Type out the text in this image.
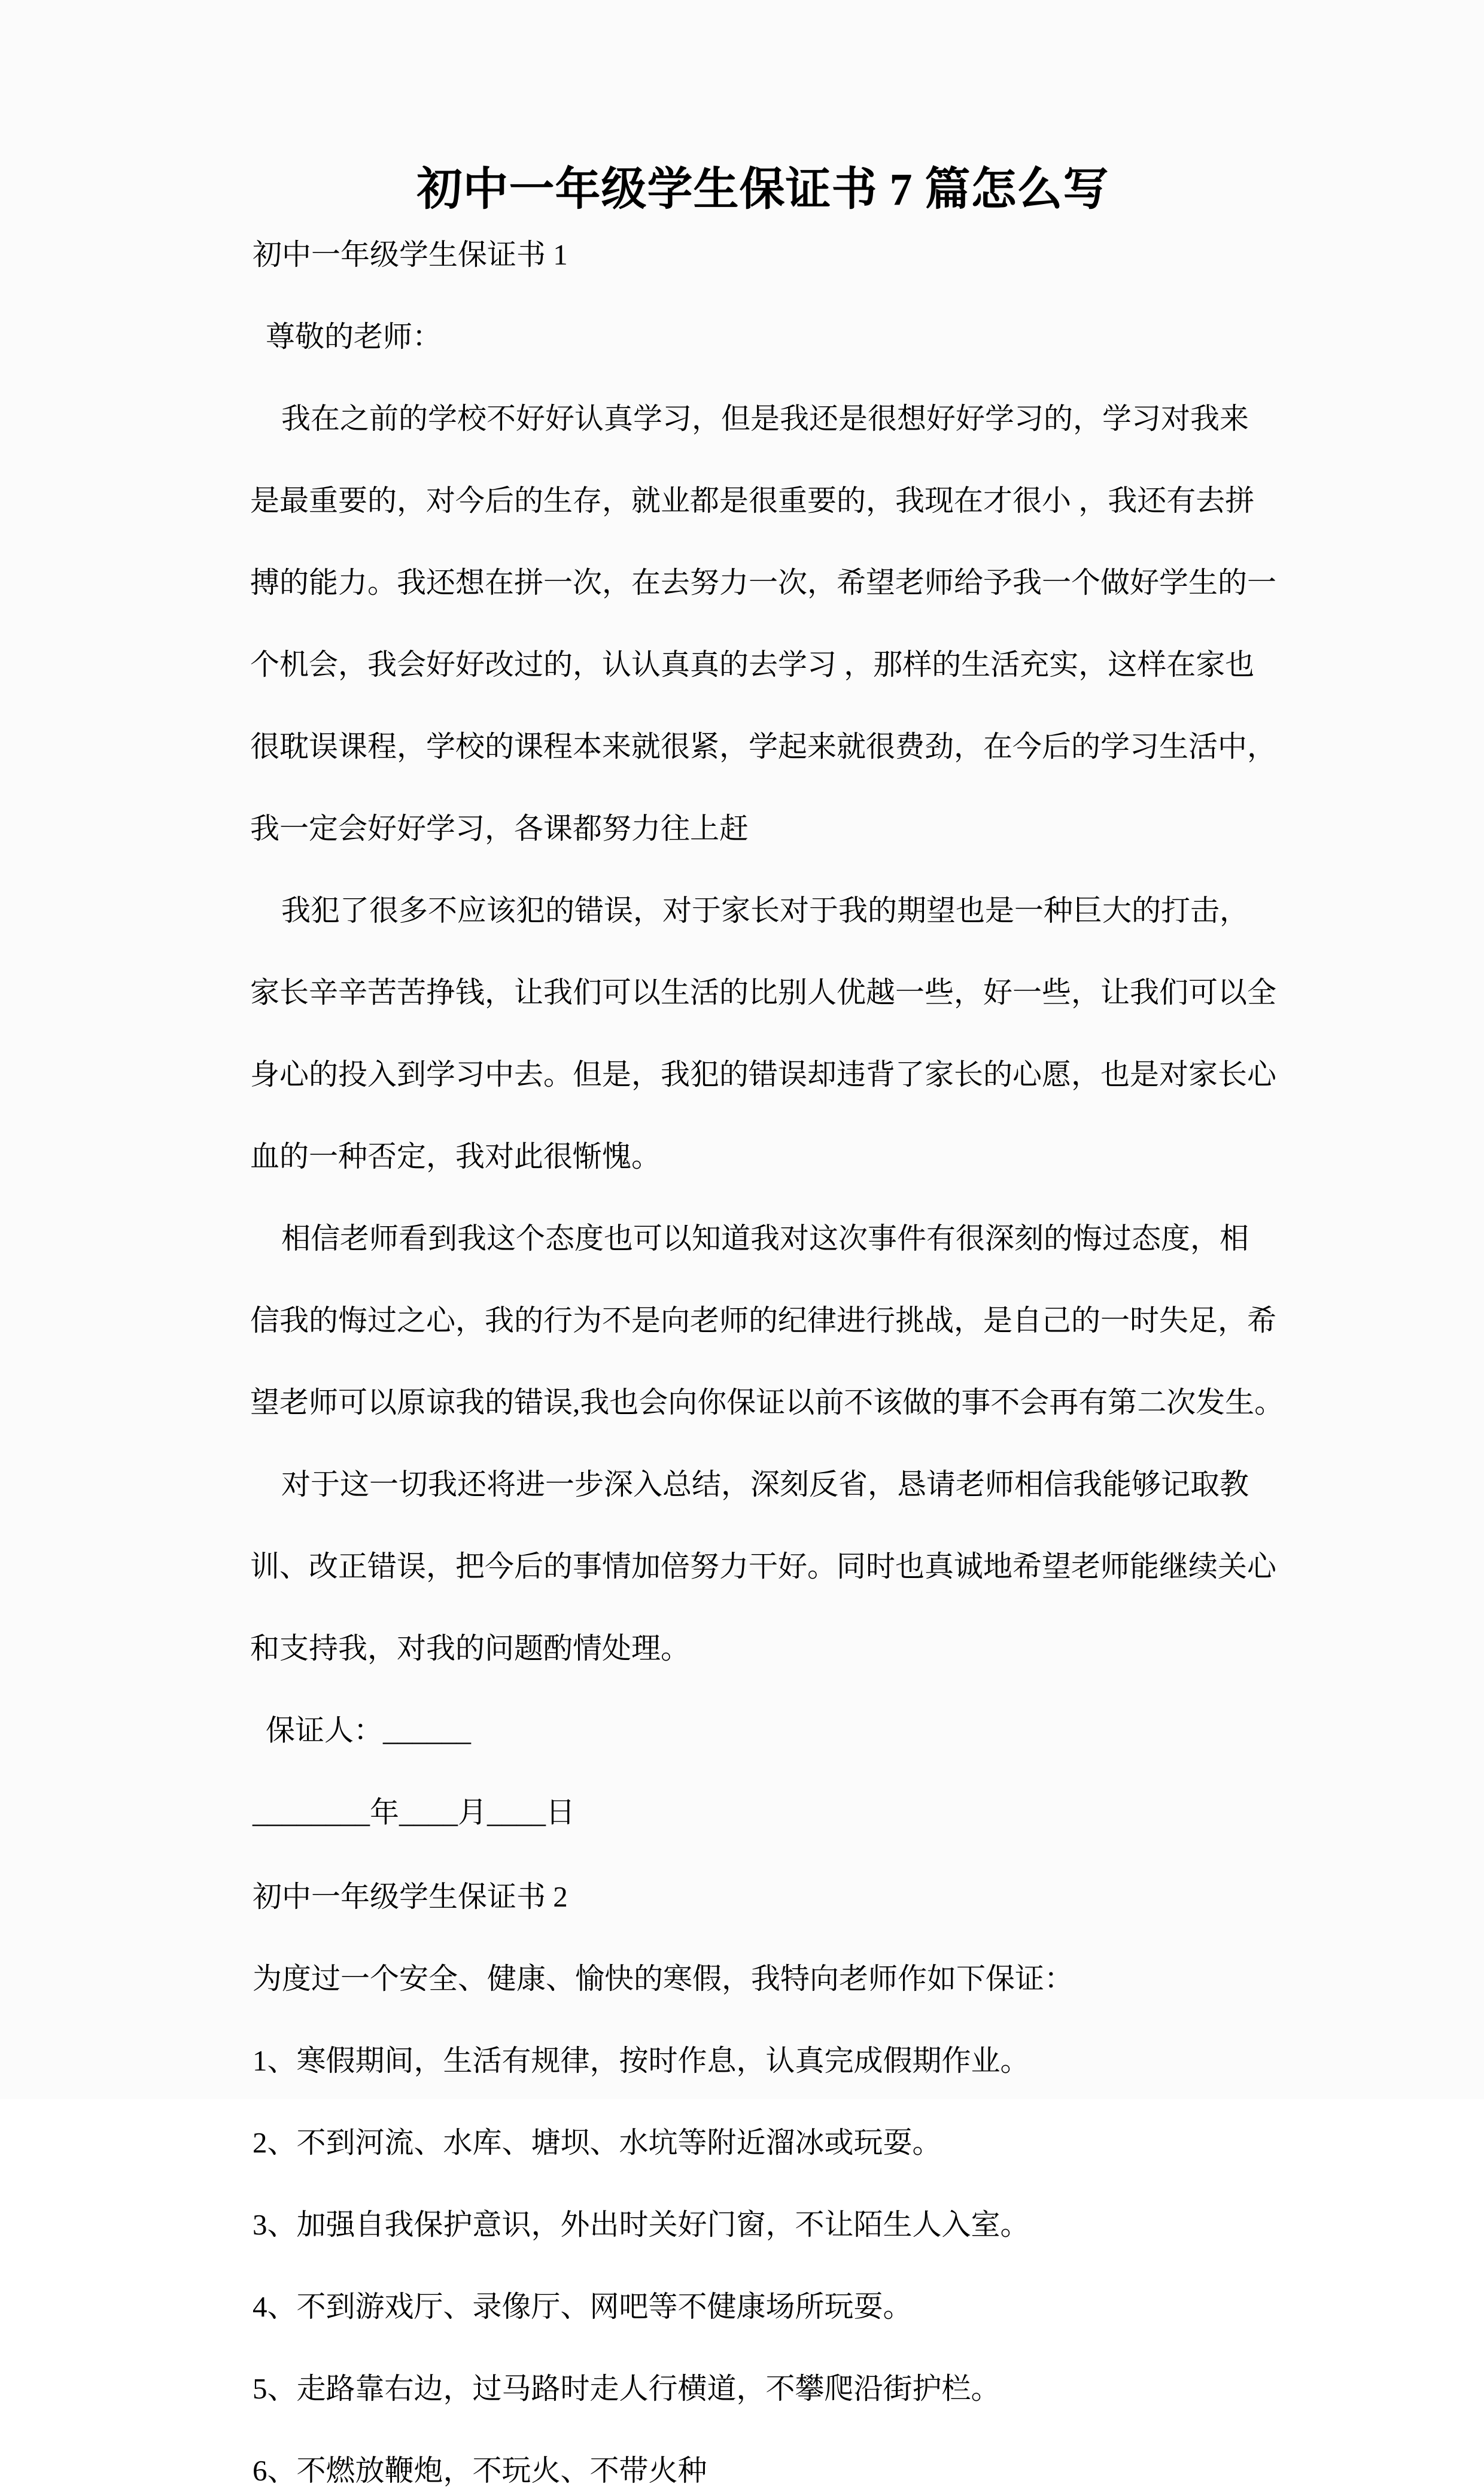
初中一年级学生保证书 7 篇怎么写
初中一年级学生保证书 1
尊敬的老师：
我在之前的学校不好好认真学习，但是我还是很想好好学习的，学习对我来
是最重要的，对今后的生存，就业都是很重要的，我现在才很小 ，我还有去拼
搏的能力。我还想在拼一次，在去努力一次，希望老师给予我一个做好学生的一
个机会，我会好好改过的，认认真真的去学习 ，那样的生活充实，这样在家也
很耽误课程，学校的课程本来就很紧，学起来就很费劲，在今后的学习生活中，
我一定会好好学习，各课都努力往上赶
我犯了很多不应该犯的错误，对于家长对于我的期望也是一种巨大的打击，
家长辛辛苦苦挣钱，让我们可以生活的比别人优越一些，好一些，让我们可以全
身心的投入到学习中去。但是，我犯的错误却违背了家长的心愿，也是对家长心
血的一种否定，我对此很惭愧。
相信老师看到我这个态度也可以知道我对这次事件有很深刻的悔过态度，相
信我的悔过之心，我的行为不是向老师的纪律进行挑战，是自己的一时失足，希
望老师可以原谅我的错误,我也会向你保证以前不该做的事不会再有第二次发生。
对于这一切我还将进一步深入总结，深刻反省，恳请老师相信我能够记取教
训、改正错误，把今后的事情加倍努力干好。同时也真诚地希望老师能继续关心
和支持我，对我的问题酌情处理。
保证人：______
________年____月____日
初中一年级学生保证书 2
为度过一个安全、健康、愉快的寒假，我特向老师作如下保证：
1、寒假期间，生活有规律，按时作息，认真完成假期作业。
2、不到河流、水库、塘坝、水坑等附近溜冰或玩耍。
3、加强自我保护意识，外出时关好门窗，不让陌生人入室。
4、不到游戏厅、录像厅、网吧等不健康场所玩耍。
5、走路靠右边，过马路时走人行横道，不攀爬沿街护栏。
6、不燃放鞭炮，不玩火、不带火种
